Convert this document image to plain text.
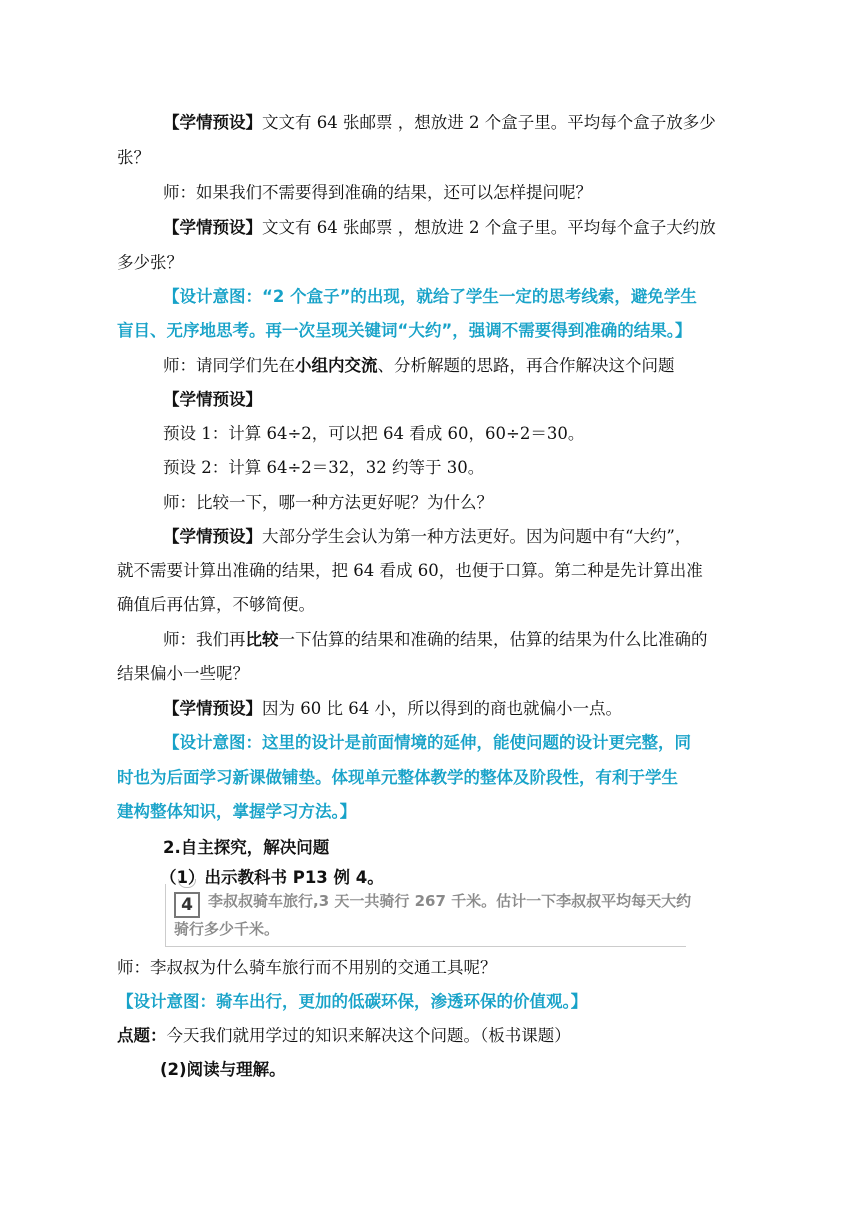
【学情预设】文文有 64 张邮票 ，想放进 2 个盒子里。平均每个盒子放多少

张？

师：如果我们不需要得到准确的结果，还可以怎样提问呢？

【学情预设】文文有 64 张邮票 ，想放进 2 个盒子里。平均每个盒子大约放

多少张？

【设计意图：“2 个盒子”的出现，就给了学生一定的思考线索，避免学生

盲目、无序地思考。再一次呈现关键词“大约”，强调不需要得到准确的结果。】

师：请同学们先在小组内交流、分析解题的思路，再合作解决这个问题

【学情预设】

预设 1：计算 64÷2，可以把 64 看成 60，60÷2＝30。

预设 2：计算 64÷2＝32，32 约等于 30。

师：比较一下，哪一种方法更好呢？为什么？

【学情预设】大部分学生会认为第一种方法更好。因为问题中有“大约”，

就不需要计算出准确的结果，把 64 看成 60，也便于口算。第二种是先计算出准

确值后再估算，不够简便。

师：我们再比较一下估算的结果和准确的结果，估算的结果为什么比准确的

结果偏小一些呢？

【学情预设】因为 60 比 64 小，所以得到的商也就偏小一点。

【设计意图：这里的设计是前面情境的延伸，能使问题的设计更完整，同

时也为后面学习新课做铺垫。体现单元整体教学的整体及阶段性，有利于学生

建构整体知识，掌握学习方法。】

2.自主探究，解决问题

（1）出示教科书 P13 例 4。

4	李叔叔骑车旅行,3 天一共骑行 267 千米。估计一下李叔叔平均每天大约
骑行多少千米。

师：李叔叔为什么骑车旅行而不用别的交通工具呢？

【设计意图：骑车出行，更加的低碳环保，渗透环保的价值观。】

点题：今天我们就用学过的知识来解决这个问题。（板书课题）

(2)阅读与理解。
